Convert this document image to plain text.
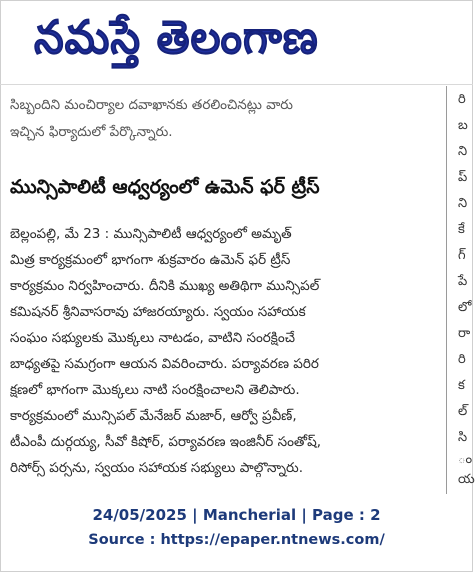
నమస్తే తెలంగాణ
సిబ్బందిని మంచిర్యాల దవాఖానకు తరలించినట్లు వారు
ఇచ్చిన ఫిర్యాదులో పేర్కొన్నారు.
మున్సిపాలిటీ ఆధ్వర్యంలో ఉమెన్ ఫర్ ట్రీస్
బెల్లంపల్లి, మే 23 : మున్సిపాలిటీ ఆధ్వర్యంలో అమృత్
మిత్ర కార్యక్రమంలో భాగంగా శుక్రవారం ఉమెన్ ఫర్ ట్రీస్
కార్యక్రమం నిర్వహించారు. దీనికి ముఖ్య అతిథిగా మున్సిపల్
కమిషనర్ శ్రీనివాసరావు హాజరయ్యారు. స్వయం సహాయక
సంఘం సభ్యులకు మొక్కలు నాటడం, వాటిని సంరక్షించే
బాధ్యతపై సమగ్రంగా ఆయన వివరించారు. పర్యావరణ పరిర
క్షణలో భాగంగా మొక్కలు నాటి సంరక్షించాలని తెలిపారు.
కార్యక్రమంలో మున్సిపల్ మేనేజర్ మజార్, ఆర్వో ప్రవీణ్,
టీఎంపీ దుర్గయ్య, సీవో కిషోర్, పర్యావరణ ఇంజినీర్ సంతోష్,
రిసోర్స్ పర్సను, స్వయం సహాయక సభ్యులు పాల్గొన్నారు.
రి
బ
ని
ప్
ని
కే
గ్
పే
లో
రా
రి
క
ల్
సి
ం
య
24/05/2025 | Mancherial | Page : 2
Source : https://epaper.ntnews.com/
